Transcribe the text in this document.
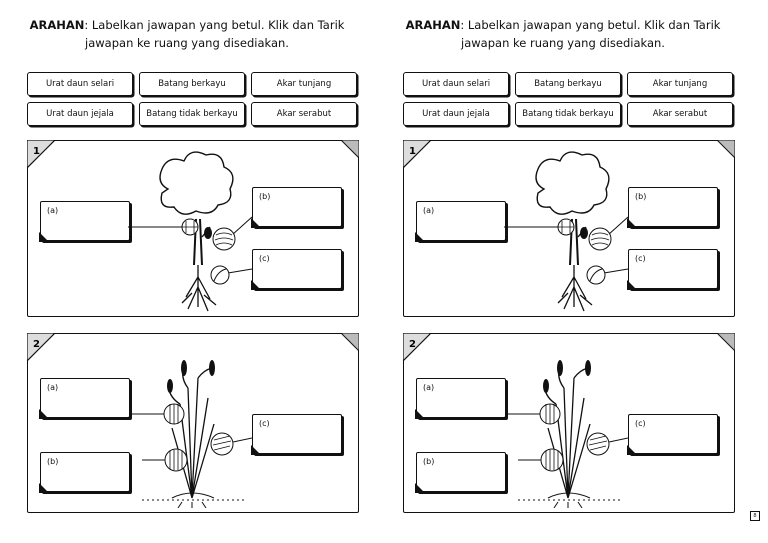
ARAHAN: Labelkan jawapan yang betul. Klik dan Tarik
jawapan ke ruang yang disediakan.
Urat daun selari	Batang berkayu	Akar tunjang
Urat daun jejala	Batang tidak berkayu	Akar serabut
1
(a)
(b)
(c)
2
(a)
(b)
(c)
ARAHAN: Labelkan jawapan yang betul. Klik dan Tarik
jawapan ke ruang yang disediakan.
Urat daun selari	Batang berkayu	Akar tunjang
Urat daun jejala	Batang tidak berkayu	Akar serabut
1
(a)
(b)
(c)
2
(a)
(b)
(c)
8
